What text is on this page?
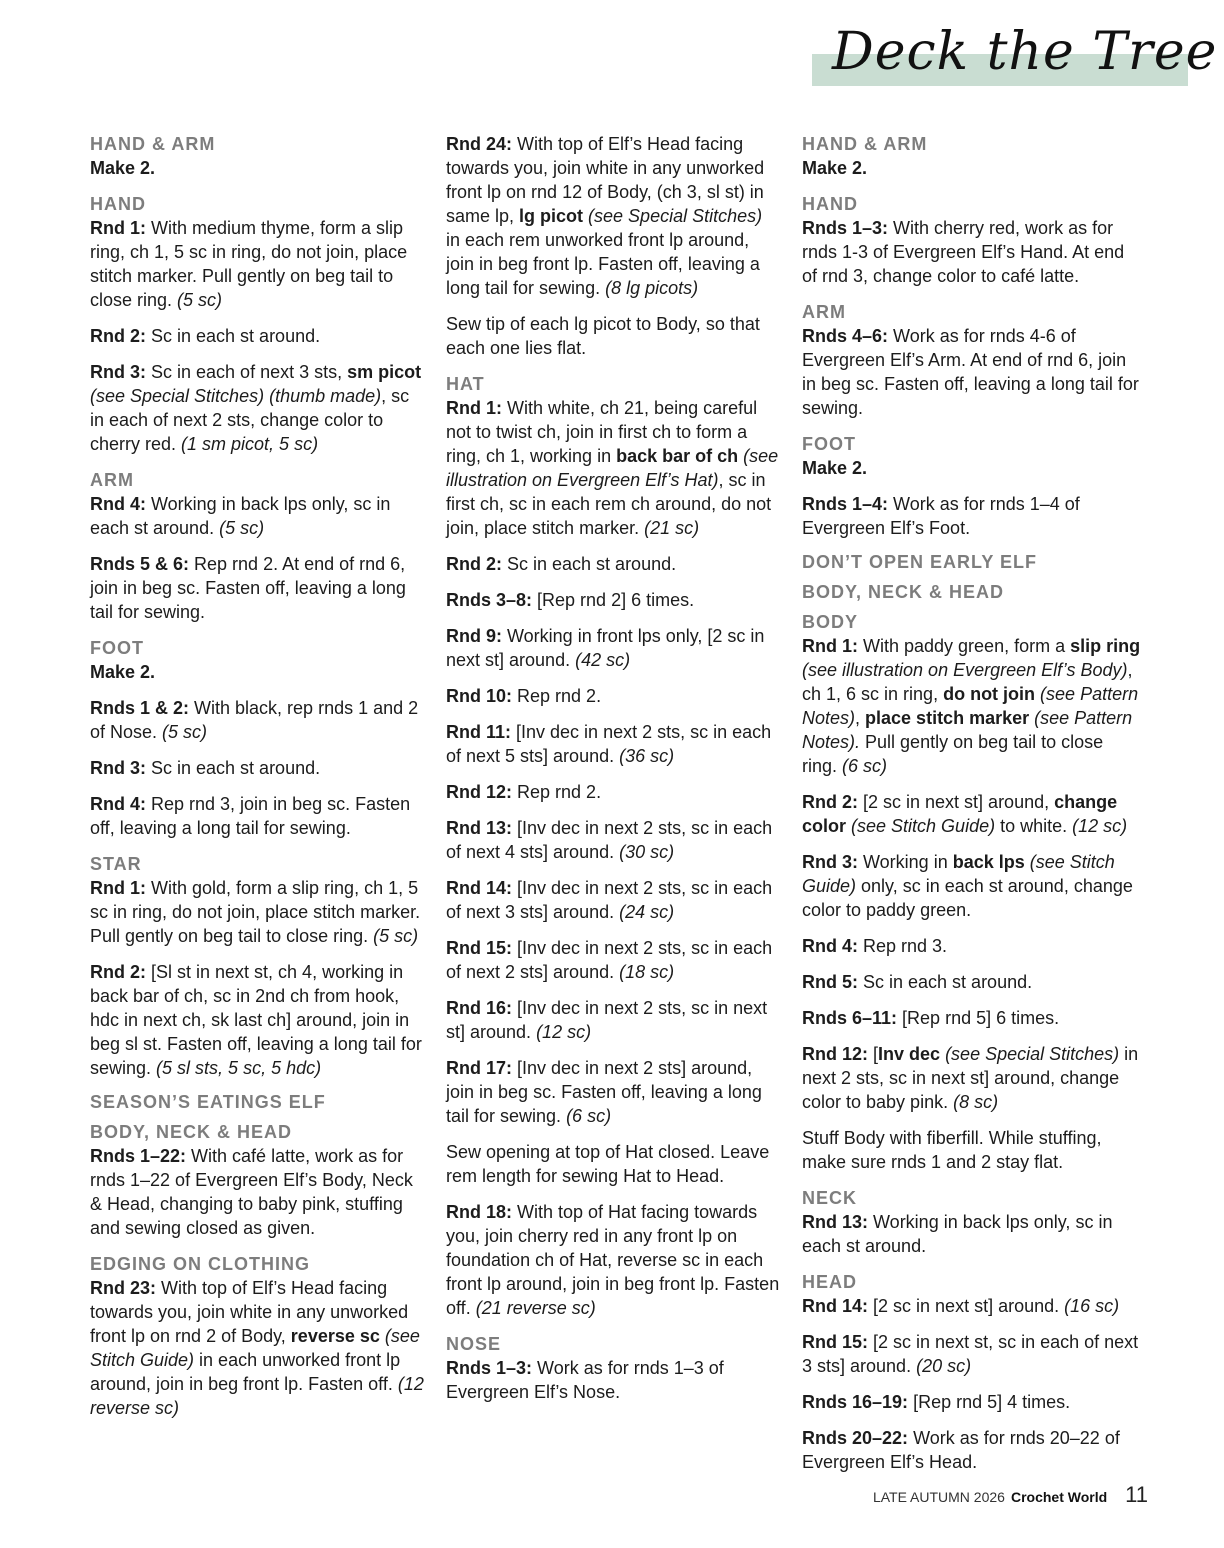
Deck the Tree
HAND & ARM
Make 2.
HAND
Rnd 1: With medium thyme, form a slip ring, ch 1, 5 sc in ring, do not join, place stitch marker. Pull gently on beg tail to close ring. (5 sc)
Rnd 2: Sc in each st around.
Rnd 3: Sc in each of next 3 sts, sm picot (see Special Stitches) (thumb made), sc in each of next 2 sts, change color to cherry red. (1 sm picot, 5 sc)
ARM
Rnd 4: Working in back lps only, sc in each st around. (5 sc)
Rnds 5 & 6: Rep rnd 2. At end of rnd 6, join in beg sc. Fasten off, leaving a long tail for sewing.
FOOT
Make 2.
Rnds 1 & 2: With black, rep rnds 1 and 2 of Nose. (5 sc)
Rnd 3: Sc in each st around.
Rnd 4: Rep rnd 3, join in beg sc. Fasten off, leaving a long tail for sewing.
STAR
Rnd 1: With gold, form a slip ring, ch 1, 5 sc in ring, do not join, place stitch marker. Pull gently on beg tail to close ring. (5 sc)
Rnd 2: [Sl st in next st, ch 4, working in back bar of ch, sc in 2nd ch from hook, hdc in next ch, sk last ch] around, join in beg sl st. Fasten off, leaving a long tail for sewing. (5 sl sts, 5 sc, 5 hdc)
SEASON’S EATINGS ELF
BODY, NECK & HEAD
Rnds 1–22: With café latte, work as for rnds 1–22 of Evergreen Elf’s Body, Neck & Head, changing to baby pink, stuffing and sewing closed as given.
EDGING ON CLOTHING
Rnd 23: With top of Elf’s Head facing towards you, join white in any unworked front lp on rnd 2 of Body, reverse sc (see Stitch Guide) in each unworked front lp around, join in beg front lp. Fasten off. (12 reverse sc)
Rnd 24: With top of Elf’s Head facing towards you, join white in any unworked front lp on rnd 12 of Body, (ch 3, sl st) in same lp, lg picot (see Special Stitches) in each rem unworked front lp around, join in beg front lp. Fasten off, leaving a long tail for sewing. (8 lg picots)
Sew tip of each lg picot to Body, so that each one lies flat.
HAT
Rnd 1: With white, ch 21, being careful not to twist ch, join in first ch to form a ring, ch 1, working in back bar of ch (see illustration on Evergreen Elf’s Hat), sc in first ch, sc in each rem ch around, do not join, place stitch marker. (21 sc)
Rnd 2: Sc in each st around.
Rnds 3–8: [Rep rnd 2] 6 times.
Rnd 9: Working in front lps only, [2 sc in next st] around. (42 sc)
Rnd 10: Rep rnd 2.
Rnd 11: [Inv dec in next 2 sts, sc in each of next 5 sts] around. (36 sc)
Rnd 12: Rep rnd 2.
Rnd 13: [Inv dec in next 2 sts, sc in each of next 4 sts] around. (30 sc)
Rnd 14: [Inv dec in next 2 sts, sc in each of next 3 sts] around. (24 sc)
Rnd 15: [Inv dec in next 2 sts, sc in each of next 2 sts] around. (18 sc)
Rnd 16: [Inv dec in next 2 sts, sc in next st] around. (12 sc)
Rnd 17: [Inv dec in next 2 sts] around, join in beg sc. Fasten off, leaving a long tail for sewing. (6 sc)
Sew opening at top of Hat closed. Leave rem length for sewing Hat to Head.
Rnd 18: With top of Hat facing towards you, join cherry red in any front lp on foundation ch of Hat, reverse sc in each front lp around, join in beg front lp. Fasten off. (21 reverse sc)
NOSE
Rnds 1–3: Work as for rnds 1–3 of Evergreen Elf’s Nose.
HAND & ARM
Make 2.
HAND
Rnds 1–3: With cherry red, work as for rnds 1-3 of Evergreen Elf’s Hand. At end of rnd 3, change color to café latte.
ARM
Rnds 4–6: Work as for rnds 4-6 of Evergreen Elf’s Arm. At end of rnd 6, join in beg sc. Fasten off, leaving a long tail for sewing.
FOOT
Make 2.
Rnds 1–4: Work as for rnds 1–4 of Evergreen Elf’s Foot.
DON’T OPEN EARLY ELF
BODY, NECK & HEAD
BODY
Rnd 1: With paddy green, form a slip ring (see illustration on Evergreen Elf’s Body), ch 1, 6 sc in ring, do not join (see Pattern Notes), place stitch marker (see Pattern Notes). Pull gently on beg tail to close ring. (6 sc)
Rnd 2: [2 sc in next st] around, change color (see Stitch Guide) to white. (12 sc)
Rnd 3: Working in back lps (see Stitch Guide) only, sc in each st around, change color to paddy green.
Rnd 4: Rep rnd 3.
Rnd 5: Sc in each st around.
Rnds 6–11: [Rep rnd 5] 6 times.
Rnd 12: [Inv dec (see Special Stitches) in next 2 sts, sc in next st] around, change color to baby pink. (8 sc)
Stuff Body with fiberfill. While stuffing, make sure rnds 1 and 2 stay flat.
NECK
Rnd 13: Working in back lps only, sc in each st around.
HEAD
Rnd 14: [2 sc in next st] around. (16 sc)
Rnd 15: [2 sc in next st, sc in each of next 3 sts] around. (20 sc)
Rnds 16–19: [Rep rnd 5] 4 times.
Rnds 20–22: Work as for rnds 20–22 of Evergreen Elf’s Head.
LATE AUTUMN 2026 Crochet World 11
